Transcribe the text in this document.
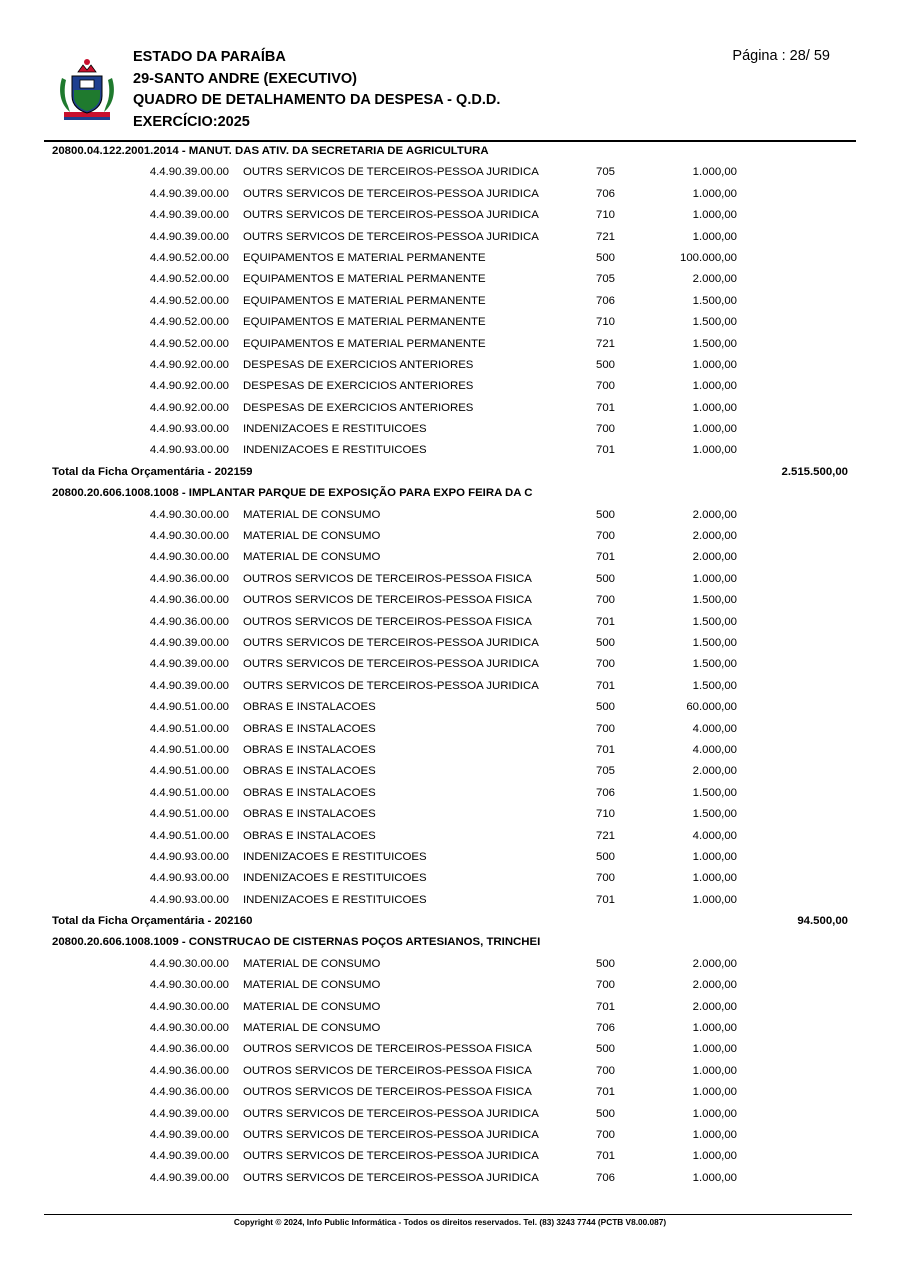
ESTADO DA PARAÍBA
29-SANTO ANDRE (EXECUTIVO)
QUADRO DE DETALHAMENTO DA DESPESA - Q.D.D.
EXERCÍCIO:2025
Página : 28/ 59
20800.04.122.2001.2014 - MANUT. DAS ATIV. DA SECRETARIA DE AGRICULTURA
4.4.90.39.00.00 OUTRS SERVICOS DE TERCEIROS-PESSOA JURIDICA	705	1.000,00
4.4.90.39.00.00 OUTRS SERVICOS DE TERCEIROS-PESSOA JURIDICA	706	1.000,00
4.4.90.39.00.00 OUTRS SERVICOS DE TERCEIROS-PESSOA JURIDICA	710	1.000,00
4.4.90.39.00.00 OUTRS SERVICOS DE TERCEIROS-PESSOA JURIDICA	721	1.000,00
4.4.90.52.00.00 EQUIPAMENTOS E MATERIAL PERMANENTE	500	100.000,00
4.4.90.52.00.00 EQUIPAMENTOS E MATERIAL PERMANENTE	705	2.000,00
4.4.90.52.00.00 EQUIPAMENTOS E MATERIAL PERMANENTE	706	1.500,00
4.4.90.52.00.00 EQUIPAMENTOS E MATERIAL PERMANENTE	710	1.500,00
4.4.90.52.00.00 EQUIPAMENTOS E MATERIAL PERMANENTE	721	1.500,00
4.4.90.92.00.00 DESPESAS DE EXERCICIOS ANTERIORES	500	1.000,00
4.4.90.92.00.00 DESPESAS DE EXERCICIOS ANTERIORES	700	1.000,00
4.4.90.92.00.00 DESPESAS DE EXERCICIOS ANTERIORES	701	1.000,00
4.4.90.93.00.00 INDENIZACOES E RESTITUICOES	700	1.000,00
4.4.90.93.00.00 INDENIZACOES E RESTITUICOES	701	1.000,00
Total da Ficha Orçamentária - 202159	2.515.500,00
20800.20.606.1008.1008 - IMPLANTAR PARQUE DE EXPOSIÇÃO PARA EXPO FEIRA DA C
4.4.90.30.00.00 MATERIAL DE CONSUMO	500	2.000,00
4.4.90.30.00.00 MATERIAL DE CONSUMO	700	2.000,00
4.4.90.30.00.00 MATERIAL DE CONSUMO	701	2.000,00
4.4.90.36.00.00 OUTROS SERVICOS DE TERCEIROS-PESSOA FISICA	500	1.000,00
4.4.90.36.00.00 OUTROS SERVICOS DE TERCEIROS-PESSOA FISICA	700	1.500,00
4.4.90.36.00.00 OUTROS SERVICOS DE TERCEIROS-PESSOA FISICA	701	1.500,00
4.4.90.39.00.00 OUTRS SERVICOS DE TERCEIROS-PESSOA JURIDICA	500	1.500,00
4.4.90.39.00.00 OUTRS SERVICOS DE TERCEIROS-PESSOA JURIDICA	700	1.500,00
4.4.90.39.00.00 OUTRS SERVICOS DE TERCEIROS-PESSOA JURIDICA	701	1.500,00
4.4.90.51.00.00 OBRAS E INSTALACOES	500	60.000,00
4.4.90.51.00.00 OBRAS E INSTALACOES	700	4.000,00
4.4.90.51.00.00 OBRAS E INSTALACOES	701	4.000,00
4.4.90.51.00.00 OBRAS E INSTALACOES	705	2.000,00
4.4.90.51.00.00 OBRAS E INSTALACOES	706	1.500,00
4.4.90.51.00.00 OBRAS E INSTALACOES	710	1.500,00
4.4.90.51.00.00 OBRAS E INSTALACOES	721	4.000,00
4.4.90.93.00.00 INDENIZACOES E RESTITUICOES	500	1.000,00
4.4.90.93.00.00 INDENIZACOES E RESTITUICOES	700	1.000,00
4.4.90.93.00.00 INDENIZACOES E RESTITUICOES	701	1.000,00
Total da Ficha Orçamentária - 202160	94.500,00
20800.20.606.1008.1009 - CONSTRUCAO DE CISTERNAS POÇOS ARTESIANOS, TRINCHEI
4.4.90.30.00.00 MATERIAL DE CONSUMO	500	2.000,00
4.4.90.30.00.00 MATERIAL DE CONSUMO	700	2.000,00
4.4.90.30.00.00 MATERIAL DE CONSUMO	701	2.000,00
4.4.90.30.00.00 MATERIAL DE CONSUMO	706	1.000,00
4.4.90.36.00.00 OUTROS SERVICOS DE TERCEIROS-PESSOA FISICA	500	1.000,00
4.4.90.36.00.00 OUTROS SERVICOS DE TERCEIROS-PESSOA FISICA	700	1.000,00
4.4.90.36.00.00 OUTROS SERVICOS DE TERCEIROS-PESSOA FISICA	701	1.000,00
4.4.90.39.00.00 OUTRS SERVICOS DE TERCEIROS-PESSOA JURIDICA	500	1.000,00
4.4.90.39.00.00 OUTRS SERVICOS DE TERCEIROS-PESSOA JURIDICA	700	1.000,00
4.4.90.39.00.00 OUTRS SERVICOS DE TERCEIROS-PESSOA JURIDICA	701	1.000,00
4.4.90.39.00.00 OUTRS SERVICOS DE TERCEIROS-PESSOA JURIDICA	706	1.000,00
Copyright © 2024, Info Public Informática - Todos os direitos reservados. Tel. (83) 3243 7744 (PCTB V8.00.087)
